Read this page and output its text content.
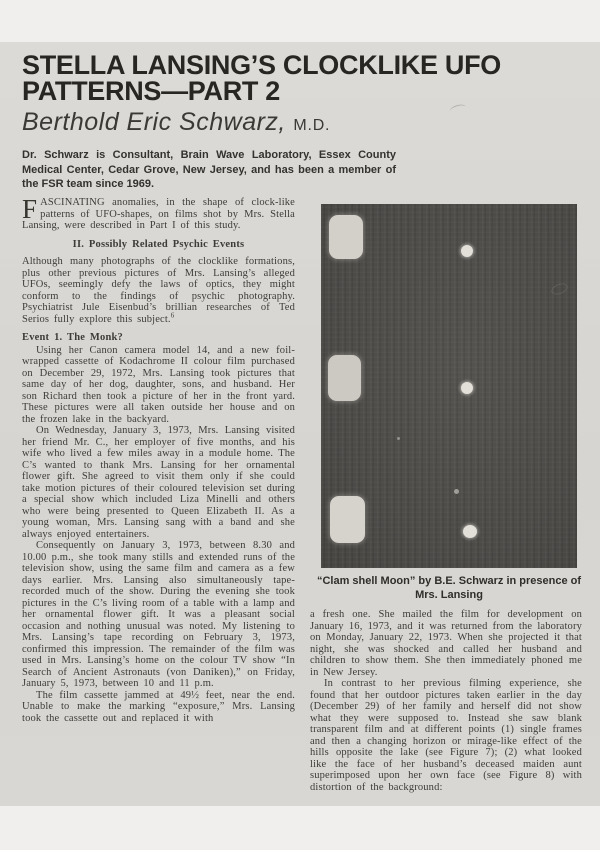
STELLA LANSING’S CLOCKLIKE UFO
PATTERNS—PART 2
Berthold Eric Schwarz, M.D.
Dr. Schwarz is Consultant, Brain Wave Laboratory, Essex County Medical Center, Cedar Grove, New Jersey, and has been a member of the FSR team since 1969.

FASCINATING anomalies, in the shape of clock-like patterns of UFO-shapes, on films shot by Mrs. Stella Lansing, were described in Part I of this study.

II. Possibly Related Psychic Events

Although many photographs of the clocklike formations, plus other previous pictures of Mrs. Lansing’s alleged UFOs, seemingly defy the laws of optics, they might conform to the findings of psychic photography. Psychiatrist Jule Eisenbud’s brillian researches of Ted Serios fully explore this subject.$^6$

Event 1. The Monk?

Using her Canon camera model 14, and a new foil-wrapped cassette of Kodachrome II colour film purchased on December 29, 1972, Mrs. Lansing took pictures that same day of her dog, daughter, sons, and husband. Her son Richard then took a picture of her in the front yard. These pictures were all taken outside her house and on the frozen lake in the backyard.

On Wednesday, January 3, 1973, Mrs. Lansing visited her friend Mr. C., her employer of five months, and his wife who lived a few miles away in a module home. The C’s wanted to thank Mrs. Lansing for her ornamental flower gift. She agreed to visit them only if she could take motion pictures of their coloured television set during a special show which included Liza Minelli and others who were being presented to Queen Elizabeth II. As a young woman, Mrs. Lansing sang with a band and she always enjoyed entertainers.

Consequently on January 3, 1973, between 8.30 and 10.00 p.m., she took many stills and extended runs of the television show, using the same film and camera as a few days earlier. Mrs. Lansing also simultaneously tape-recorded much of the show. During the evening she took pictures in the C’s living room of a table with a lamp and her ornamental flower gift. It was a pleasant social occasion and nothing unusual was noted. My listening to Mrs. Lansing’s tape recording on February 3, 1973, confirmed this impression. The remainder of the film was used in Mrs. Lansing’s home on the colour TV show “In Search of Ancient Astronauts (von Daniken),” on Friday, January 5, 1973, between 10 and 11 p.m.

The film cassette jammed at 49½ feet, near the end. Unable to make the marking “exposure,” Mrs. Lansing took the cassette out and replaced it with

“Clam shell Moon” by B.E. Schwarz in presence of Mrs. Lansing

a fresh one. She mailed the film for development on January 16, 1973, and it was returned from the laboratory on Monday, January 22, 1973. When she projected it that night, she was shocked and called her husband and children to show them. She then immediately phoned me in New Jersey.

In contrast to her previous filming experience, she found that her outdoor pictures taken earlier in the day (December 29) of her family and herself did not show what they were supposed to. Instead she saw blank transparent film and at different points (1) single frames and then a changing horizon or mirage-like effect of the hills opposite the lake (see Figure 7); (2) what looked like the face of her husband’s deceased maiden aunt superimposed upon her own face (see Figure 8) with distortion of the background:
